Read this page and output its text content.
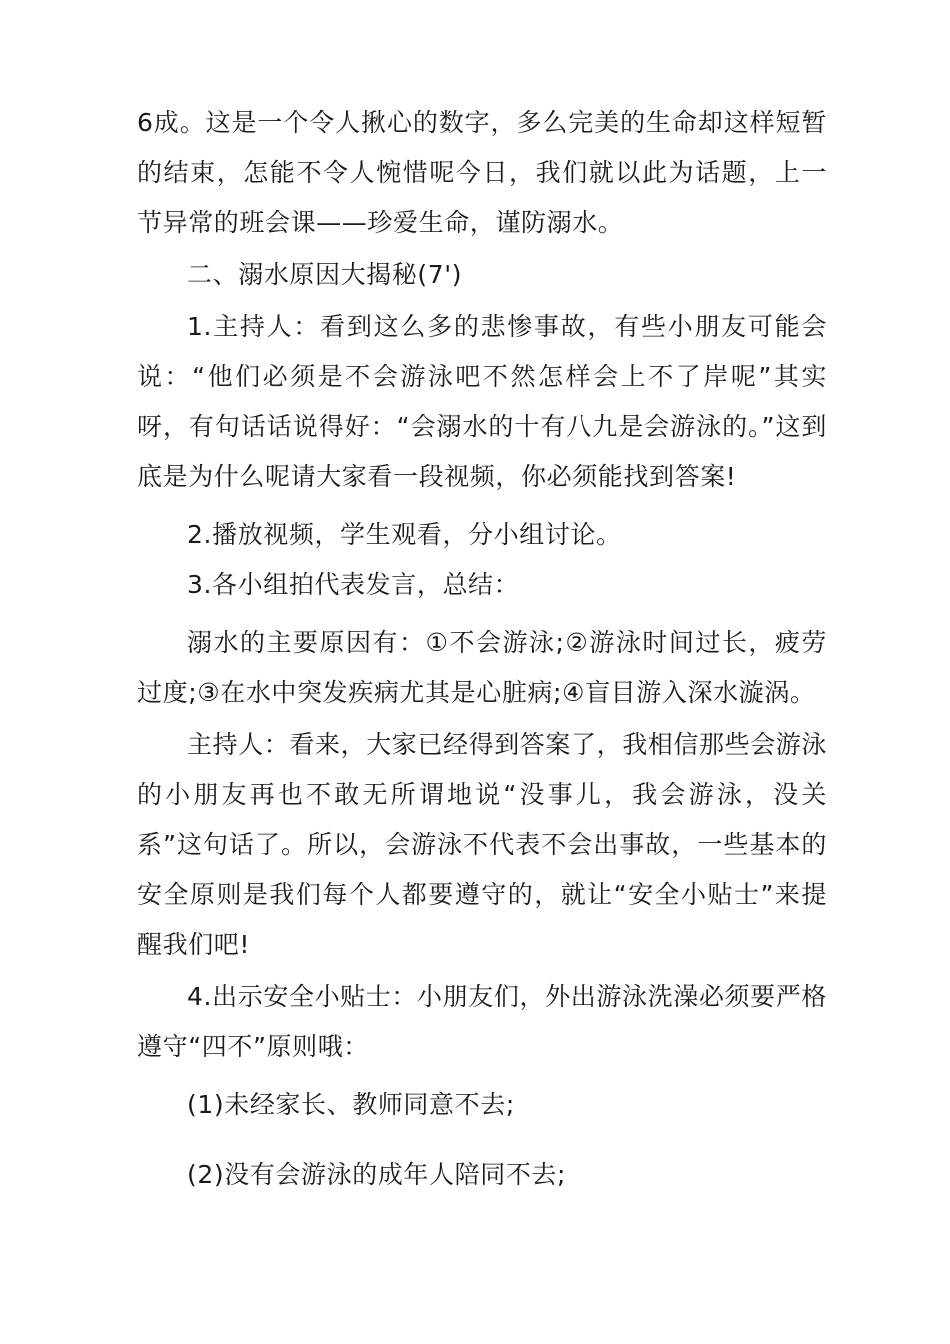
6成。这是一个令人揪心的数字，多么完美的生命却这样短暂的结束，怎能不令人惋惜呢今日，我们就以此为话题，上一节异常的班会课——珍爱生命，谨防溺水。

二、溺水原因大揭秘(7')

1.主持人：看到这么多的悲惨事故，有些小朋友可能会说：“他们必须是不会游泳吧不然怎样会上不了岸呢”其实呀，有句话话说得好：“会溺水的十有八九是会游泳的。”这到底是为什么呢请大家看一段视频，你必须能找到答案!

2.播放视频，学生观看，分小组讨论。

3.各小组拍代表发言，总结：

溺水的主要原因有：①不会游泳;②游泳时间过长，疲劳过度;③在水中突发疾病尤其是心脏病;④盲目游入深水漩涡。

主持人：看来，大家已经得到答案了，我相信那些会游泳的小朋友再也不敢无所谓地说“没事儿，我会游泳，没关系”这句话了。所以，会游泳不代表不会出事故，一些基本的安全原则是我们每个人都要遵守的，就让“安全小贴士”来提醒我们吧!

4.出示安全小贴士：小朋友们，外出游泳洗澡必须要严格遵守“四不”原则哦：

(1)未经家长、教师同意不去;

(2)没有会游泳的成年人陪同不去;
